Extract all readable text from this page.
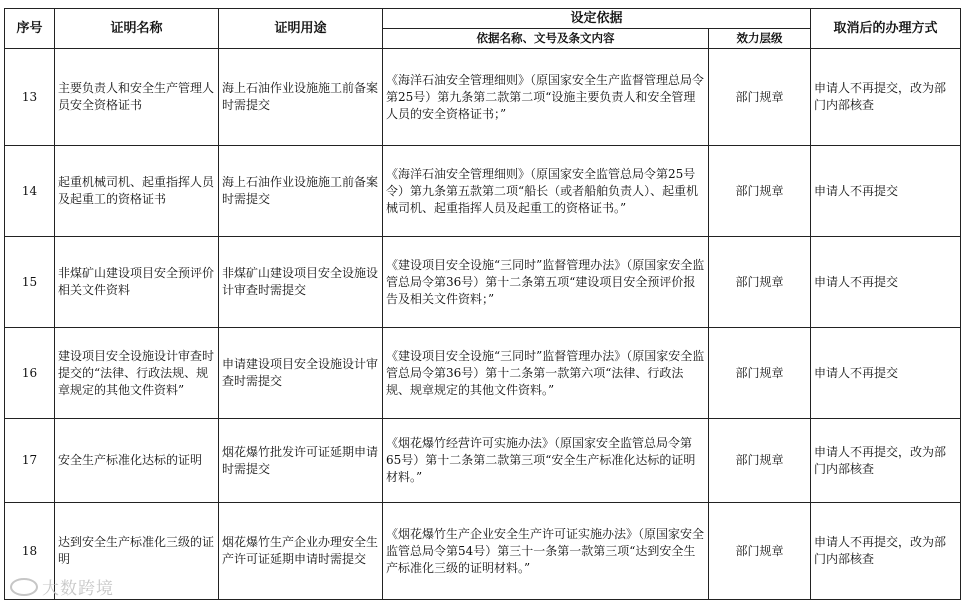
序号	证明名称	证明用途	设定依据		取消后的办理方式
			依据名称、文号及条文内容	效力层级	
13	主要负责人和安全生产管理人员安全资格证书	海上石油作业设施施工前备案时需提交	《海洋石油安全管理细则》（原国家安全生产监督管理总局令第25号）第九条第二款第二项“设施主要负责人和安全管理人员的安全资格证书；”	部门规章	申请人不再提交，改为部门内部核查
14	起重机械司机、起重指挥人员及起重工的资格证书	海上石油作业设施施工前备案时需提交	《海洋石油安全管理细则》（原国家安全监管总局令第25号令）第九条第五款第二项“船长（或者船舶负责人）、起重机械司机、起重指挥人员及起重工的资格证书。”	部门规章	申请人不再提交
15	非煤矿山建设项目安全预评价相关文件资料	非煤矿山建设项目安全设施设计审查时需提交	《建设项目安全设施“三同时”监督管理办法》（原国家安全监管总局令第36号）第十二条第五项“建设项目安全预评价报告及相关文件资料；”	部门规章	申请人不再提交
16	建设项目安全设施设计审查时提交的“法律、行政法规、规章规定的其他文件资料”	申请建设项目安全设施设计审查时需提交	《建设项目安全设施“三同时”监督管理办法》（原国家安全监管总局令第36号）第十二条第一款第六项“法律、行政法规、规章规定的其他文件资料。”	部门规章	申请人不再提交
17	安全生产标准化达标的证明	烟花爆竹批发许可证延期申请时需提交	《烟花爆竹经营许可实施办法》（原国家安全监管总局令第65号）第十二条第二款第三项“安全生产标准化达标的证明材料。”	部门规章	申请人不再提交，改为部门内部核查
18	达到安全生产标准化三级的证明	烟花爆竹生产企业办理安全生产许可证延期申请时需提交	《烟花爆竹生产企业安全生产许可证实施办法》（原国家安全监管总局令第54号）第三十一条第一款第三项“达到安全生产标准化三级的证明材料。”	部门规章	申请人不再提交，改为部门内部核查
大数跨境
